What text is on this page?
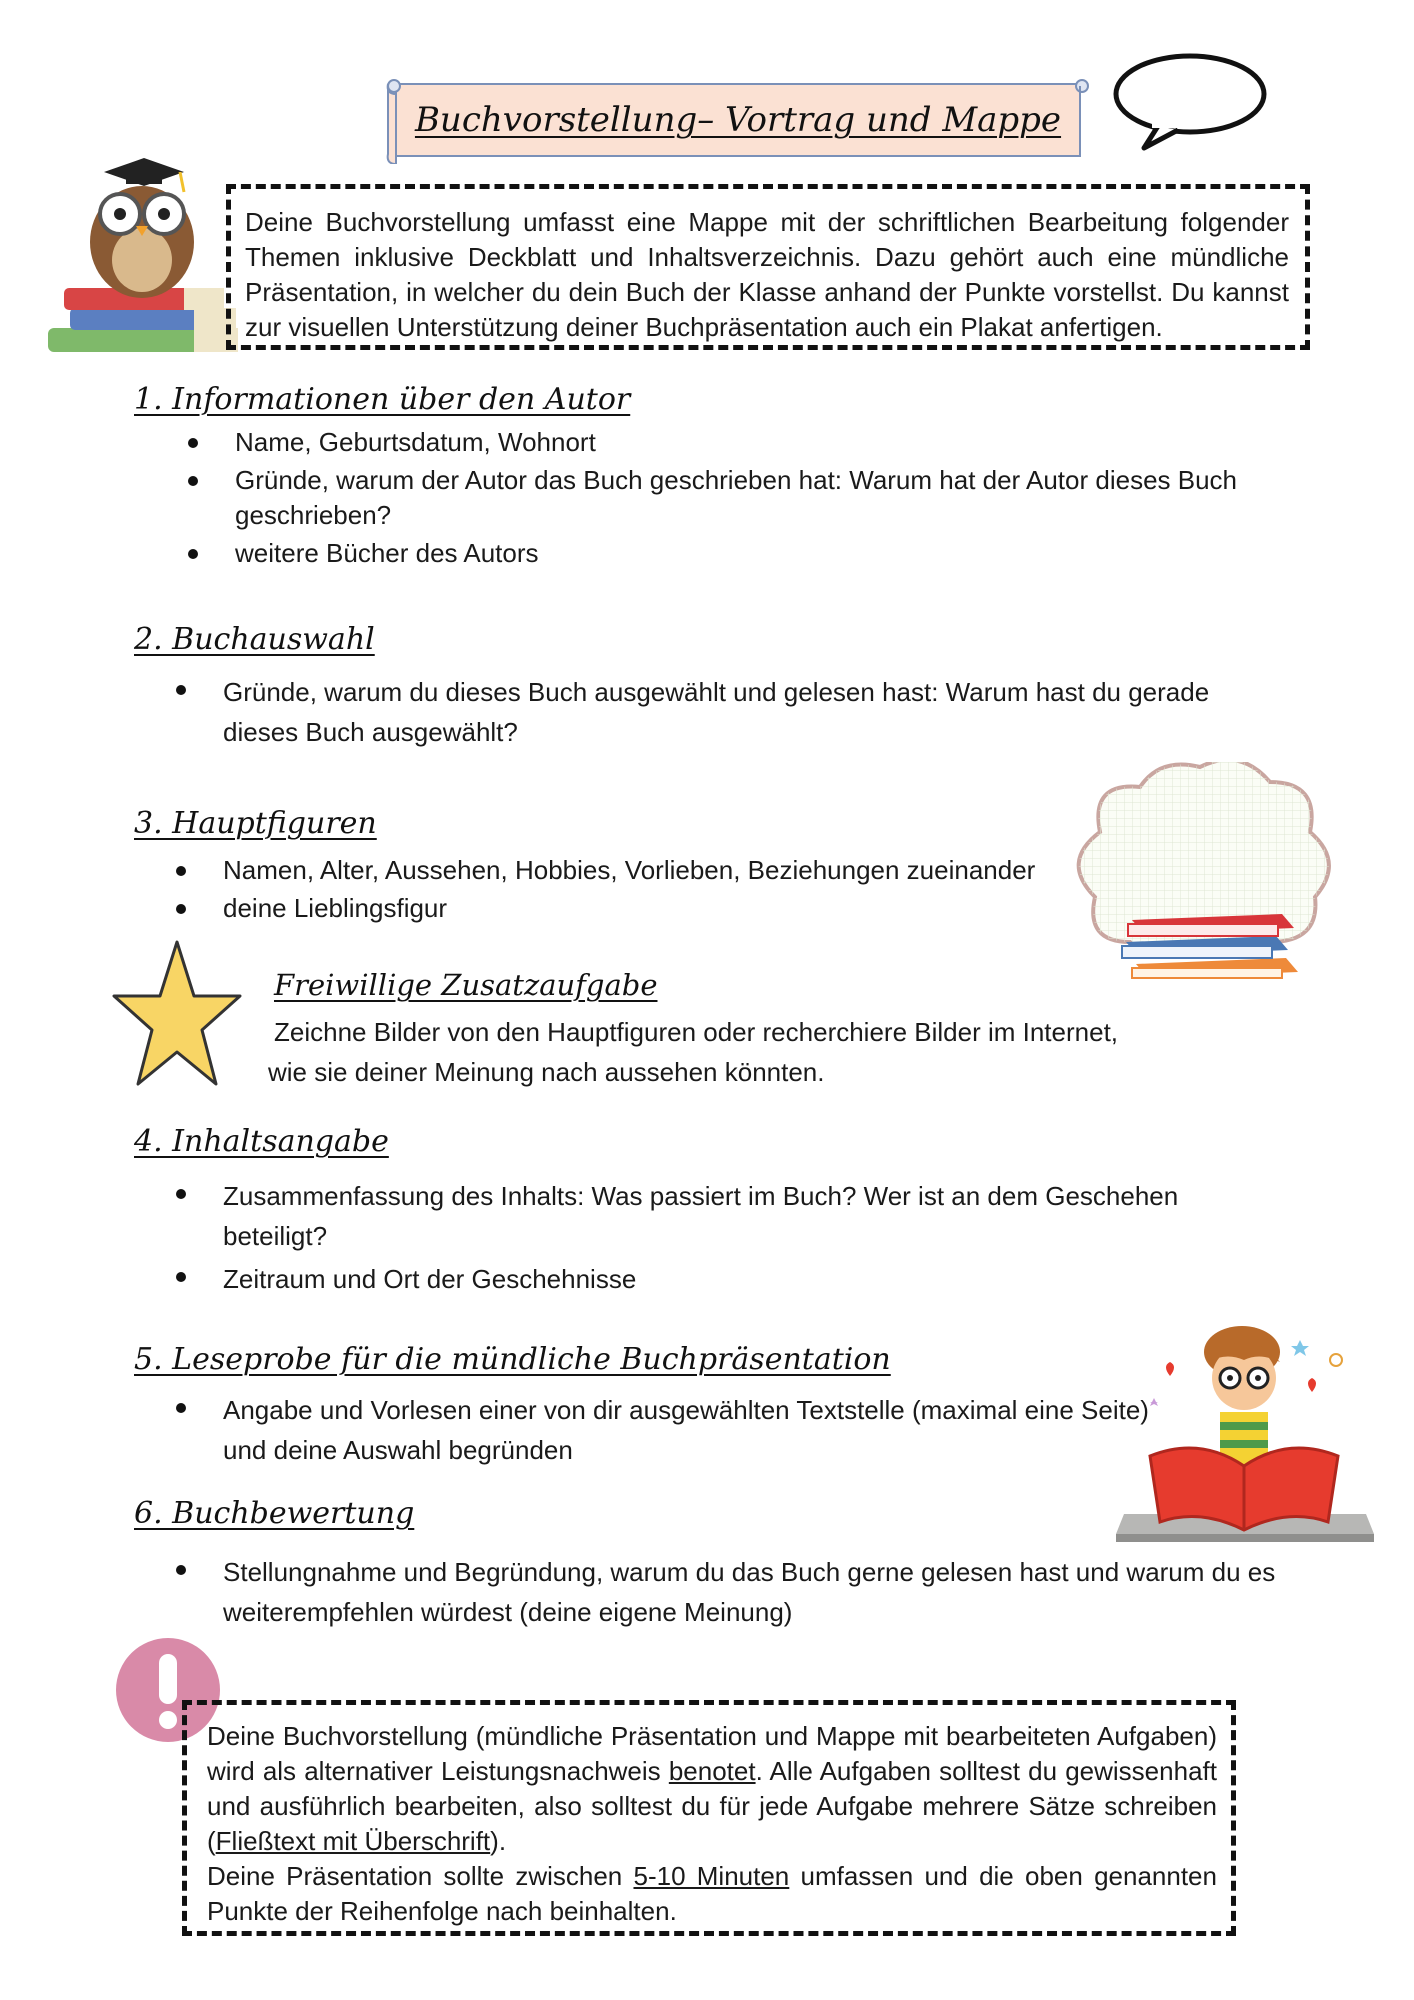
Buchvorstellung– Vortrag und Mappe
Deine Buchvorstellung umfasst eine Mappe mit der schriftlichen Bearbeitung folgender Themen inklusive Deckblatt und Inhaltsverzeichnis. Dazu gehört auch eine mündliche Präsentation, in welcher du dein Buch der Klasse anhand der Punkte vorstellst. Du kannst zur visuellen Unterstützung deiner Buchpräsentation auch ein Plakat anfertigen.
1. Informationen über den Autor
Name, Geburtsdatum, Wohnort
Gründe, warum der Autor das Buch geschrieben hat: Warum hat der Autor dieses Buch geschrieben?
weitere Bücher des Autors
2. Buchauswahl
Gründe, warum du dieses Buch ausgewählt und gelesen hast: Warum hast du gerade dieses Buch ausgewählt?
3. Hauptfiguren
Namen, Alter, Aussehen, Hobbies, Vorlieben, Beziehungen zueinander
deine Lieblingsfigur
Freiwillige Zusatzaufgabe
Zeichne Bilder von den Hauptfiguren oder recherchiere Bilder im Internet, wie sie deiner Meinung nach aussehen könnten.
4. Inhaltsangabe
Zusammenfassung des Inhalts: Was passiert im Buch? Wer ist an dem Geschehen beteiligt?
Zeitraum und Ort der Geschehnisse
5. Leseprobe für die mündliche Buchpräsentation
Angabe und Vorlesen einer von dir ausgewählten Textstelle (maximal eine Seite) und deine Auswahl begründen
6. Buchbewertung
Stellungnahme und Begründung, warum du das Buch gerne gelesen hast und warum du es weiterempfehlen würdest (deine eigene Meinung)
Deine Buchvorstellung (mündliche Präsentation und Mappe mit bearbeiteten Aufgaben) wird als alternativer Leistungsnachweis benotet. Alle Aufgaben solltest du gewissenhaft und ausführlich bearbeiten, also solltest du für jede Aufgabe mehrere Sätze schreiben (Fließtext mit Überschrift).
Deine Präsentation sollte zwischen 5-10 Minuten umfassen und die oben genannten Punkte der Reihenfolge nach beinhalten.
